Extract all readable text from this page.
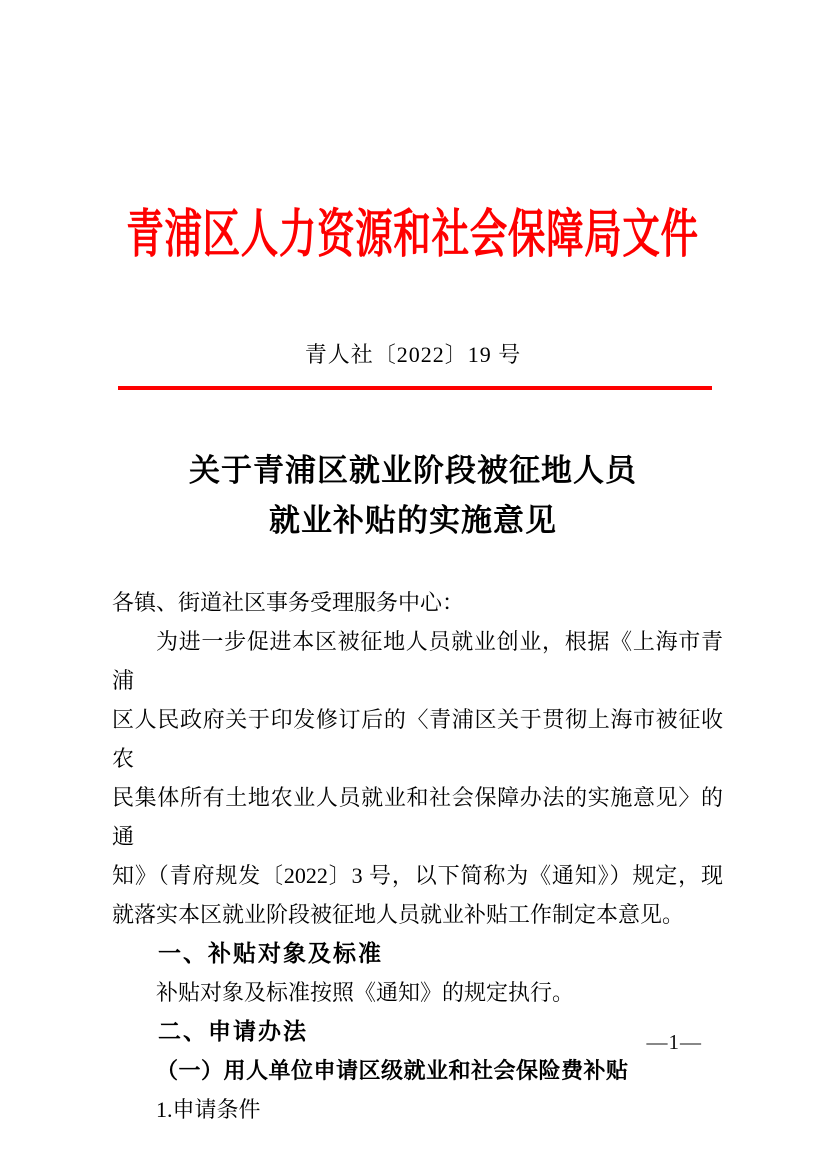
青浦区人力资源和社会保障局文件
青人社〔2022〕19 号
关于青浦区就业阶段被征地人员
就业补贴的实施意见
各镇、街道社区事务受理服务中心：
为进一步促进本区被征地人员就业创业，根据《上海市青浦
区人民政府关于印发修订后的〈青浦区关于贯彻上海市被征收农
民集体所有土地农业人员就业和社会保障办法的实施意见〉的通
知》（青府规发〔2022〕3 号，以下简称为《通知》）规定，现
就落实本区就业阶段被征地人员就业补贴工作制定本意见。
一、补贴对象及标准
补贴对象及标准按照《通知》的规定执行。
二、申请办法
（一）用人单位申请区级就业和社会保险费补贴
1.申请条件
—1—
